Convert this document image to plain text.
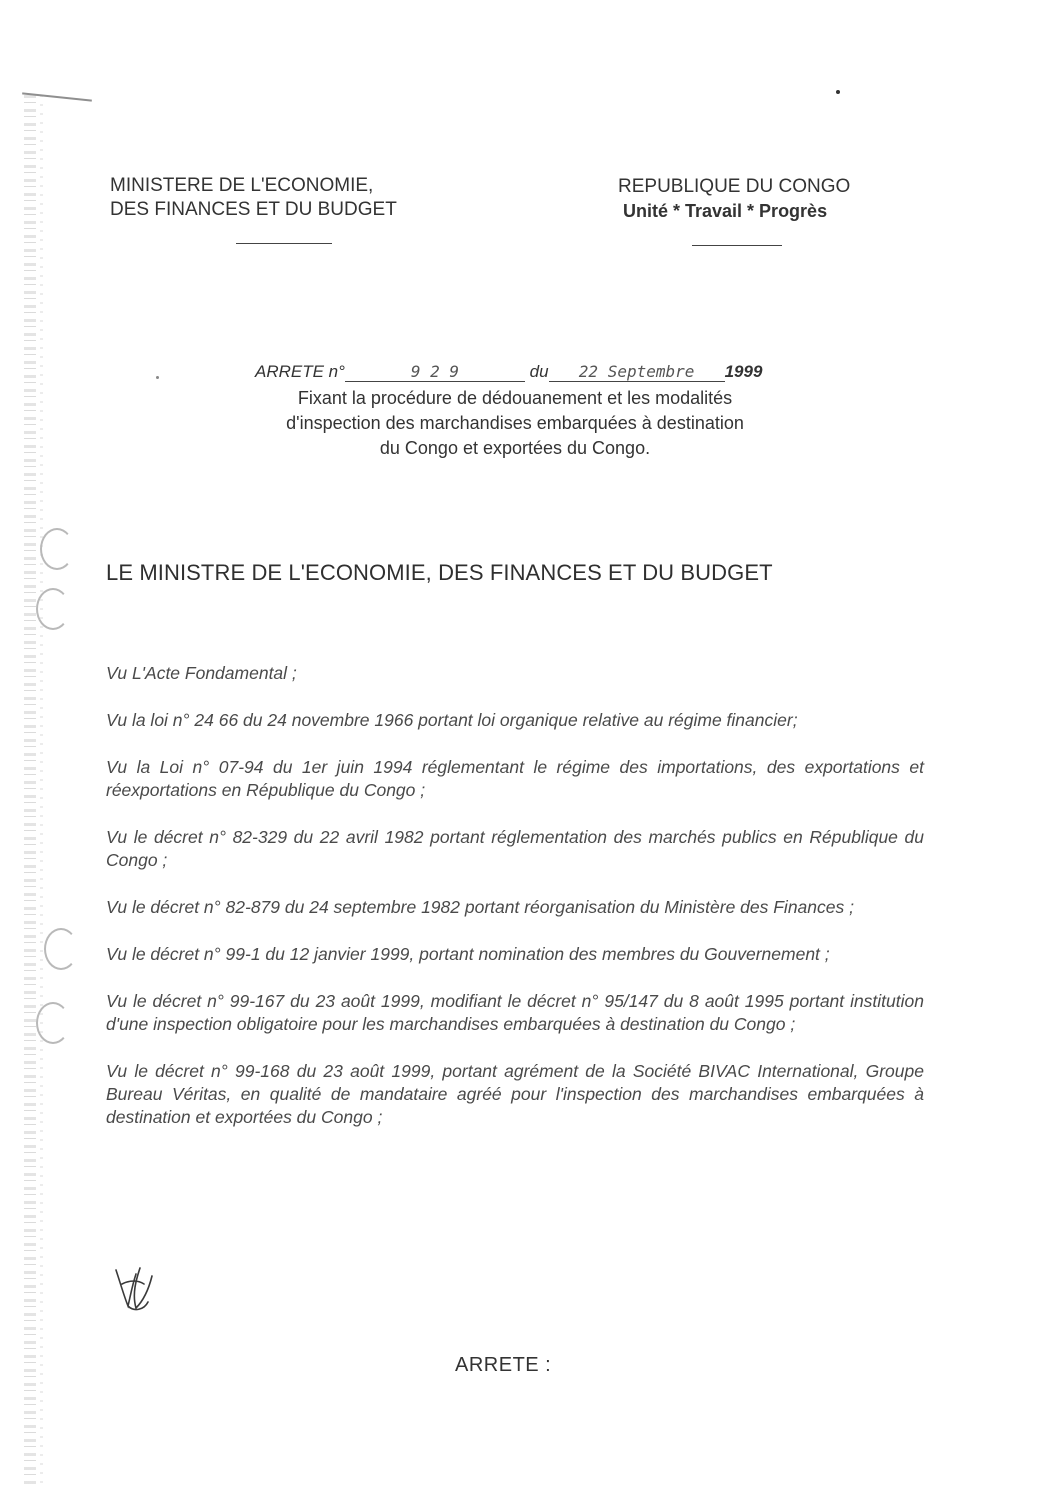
MINISTERE DE L'ECONOMIE,
DES FINANCES ET DU BUDGET
REPUBLIQUE DU CONGO
Unité * Travail * Progrès
ARRETE n°	9 2 9	du 22 Septembre 1999
Fixant la procédure de dédouanement et les modalités
d'inspection des marchandises embarquées à destination
du Congo et exportées du Congo.
LE MINISTRE DE L'ECONOMIE, DES FINANCES ET DU BUDGET

Vu L'Acte Fondamental ;

Vu la loi n° 24 66 du 24 novembre 1966 portant loi organique relative au régime financier;

Vu la Loi n° 07-94 du 1er juin 1994 réglementant le régime des importations, des exportations et réexportations en République du Congo ;

Vu le décret n° 82-329 du 22 avril 1982 portant réglementation des marchés publics en République du Congo ;

Vu le décret n° 82-879 du 24 septembre 1982 portant réorganisation du Ministère des Finances ;

Vu le décret n° 99-1 du 12 janvier 1999, portant nomination des membres du Gouvernement ;

Vu le décret n° 99-167 du 23 août 1999, modifiant le décret n° 95/147 du 8 août 1995 portant institution d'une inspection obligatoire pour les marchandises embarquées à destination du Congo ;

Vu le décret n° 99-168 du 23 août 1999, portant agrément de la Société BIVAC International, Groupe Bureau Véritas, en qualité de mandataire agréé pour l'inspection des marchandises embarquées à destination et exportées du Congo ;

ARRETE :
